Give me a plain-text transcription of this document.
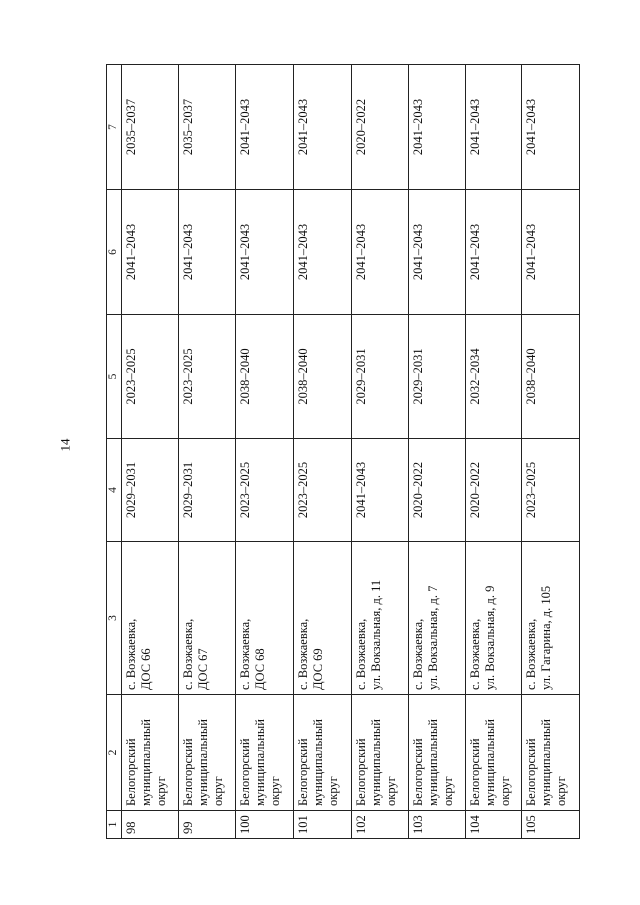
14
1	2	3	4	5	6	7
98	Белогорский муниципальный округ	с. Возжаевка, ДОС 66	2029–2031	2023–2025	2041–2043	2035–2037
99	Белогорский муниципальный округ	с. Возжаевка, ДОС 67	2029–2031	2023–2025	2041–2043	2035–2037
100	Белогорский муниципальный округ	с. Возжаевка, ДОС 68	2023–2025	2038–2040	2041–2043	2041–2043
101	Белогорский муниципальный округ	с. Возжаевка, ДОС 69	2023–2025	2038–2040	2041–2043	2041–2043
102	Белогорский муниципальный округ	с. Возжаевка, ул. Вокзальная, д. 11	2041–2043	2029–2031	2041–2043	2020–2022
103	Белогорский муниципальный округ	с. Возжаевка, ул. Вокзальная, д. 7	2020–2022	2029–2031	2041–2043	2041–2043
104	Белогорский муниципальный округ	с. Возжаевка, ул. Вокзальная, д. 9	2020–2022	2032–2034	2041–2043	2041–2043
105	Белогорский муниципальный округ	с. Возжаевка, ул. Гагарина, д. 105	2023–2025	2038–2040	2041–2043	2041–2043
